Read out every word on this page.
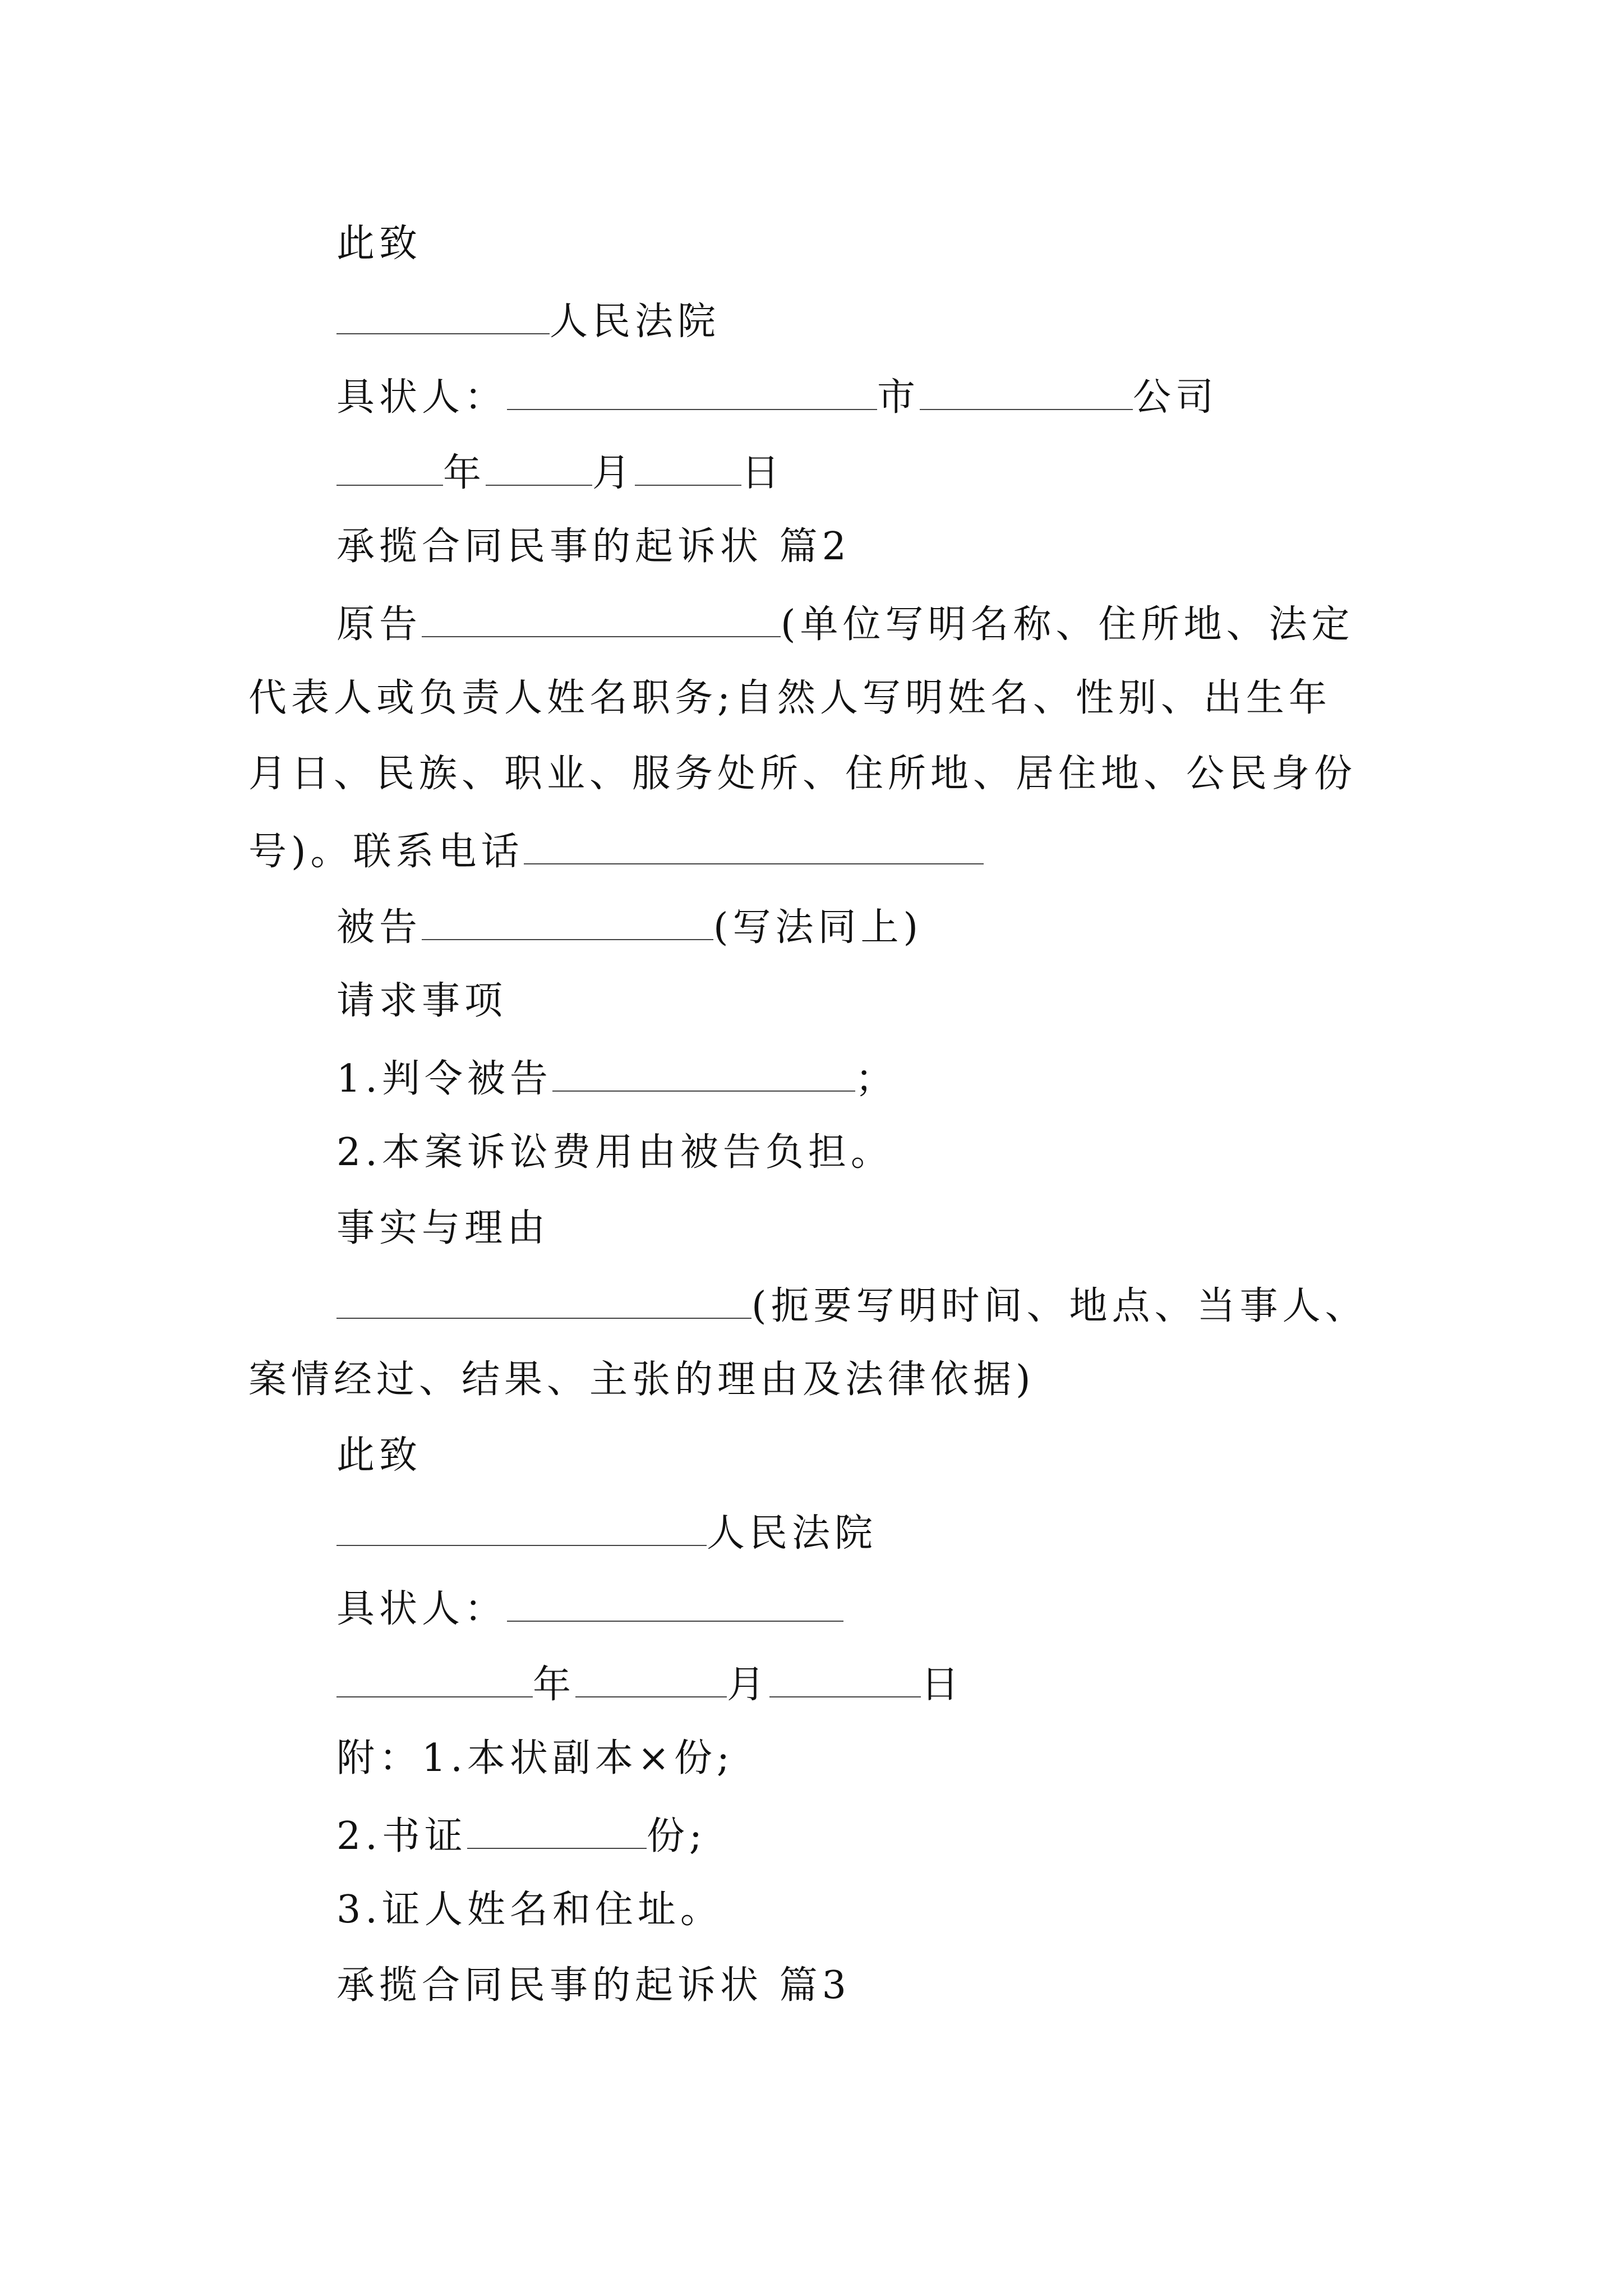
此致
人民法院
具状人：	市	公司
年	月	日
承揽合同民事的起诉状 篇2
原告	(单位写明名称、住所地、法定
代表人或负责人姓名职务;自然人写明姓名、性别、出生年
月日、民族、职业、服务处所、住所地、居住地、公民身份
号)。联系电话
被告	(写法同上)
请求事项
1.判令被告	；
2.本案诉讼费用由被告负担。
事实与理由
(扼要写明时间、地点、当事人、
案情经过、结果、主张的理由及法律依据)
此致
人民法院
具状人：
年	月	日
附：1.本状副本×份;
2.书证	份;
3.证人姓名和住址。
承揽合同民事的起诉状 篇3
